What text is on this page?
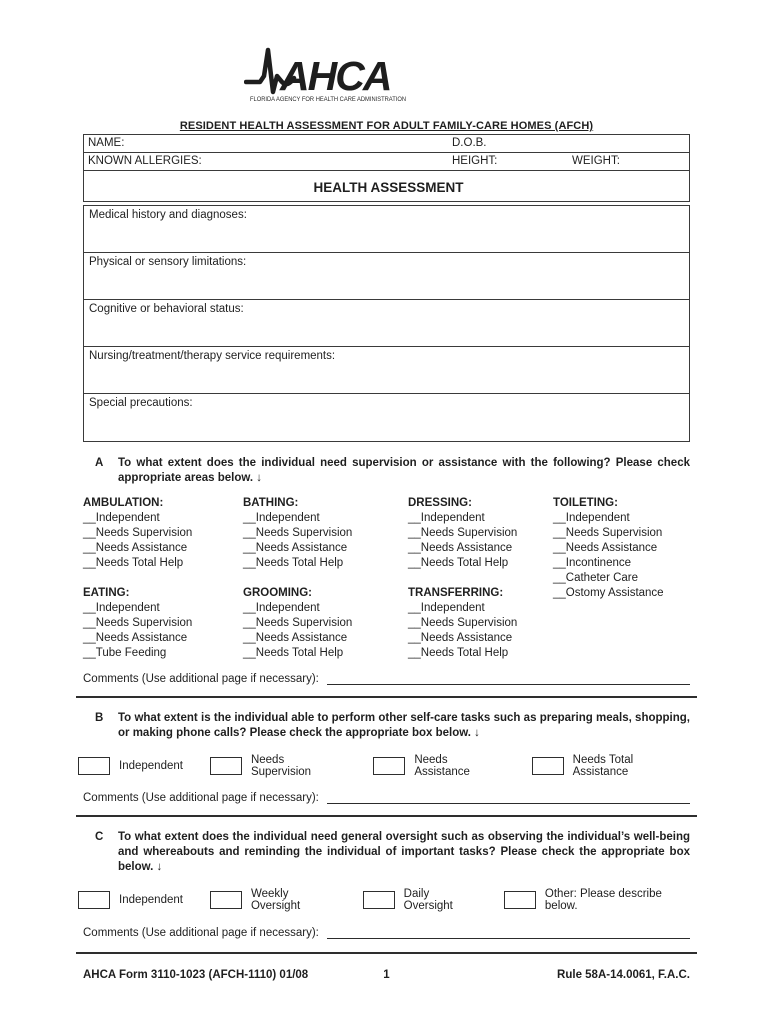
AHCA
FLORIDA AGENCY FOR HEALTH CARE ADMINISTRATION
RESIDENT HEALTH ASSESSMENT FOR ADULT FAMILY-CARE HOMES (AFCH)
NAME:	D.O.B.
KNOWN ALLERGIES:	HEIGHT:	WEIGHT:
HEALTH ASSESSMENT
Medical history and diagnoses:
Physical or sensory limitations:
Cognitive or behavioral status:
Nursing/treatment/therapy service requirements:
Special precautions:
A	To what extent does the individual need supervision or assistance with the following? Please check appropriate areas below. ↓
AMBULATION:
__Independent
__Needs Supervision
__Needs Assistance
__Needs Total Help
EATING:
__Independent
__Needs Supervision
__Needs Assistance
__Tube Feeding
BATHING:
__Independent
__Needs Supervision
__Needs Assistance
__Needs Total Help
GROOMING:
__Independent
__Needs Supervision
__Needs Assistance
__Needs Total Help
DRESSING:
__Independent
__Needs Supervision
__Needs Assistance
__Needs Total Help
TRANSFERRING:
__Independent
__Needs Supervision
__Needs Assistance
__Needs Total Help
TOILETING:
__Independent
__Needs Supervision
__Needs Assistance
__Incontinence
__Catheter Care
__Ostomy Assistance
Comments (Use additional page if necessary):
B	To what extent is the individual able to perform other self-care tasks such as preparing meals, shopping, or making phone calls? Please check the appropriate box below. ↓
Independent	Needs Supervision
Needs Assistance
Needs Total Assistance
Comments (Use additional page if necessary):
C	To what extent does the individual need general oversight such as observing the individual’s well-being and whereabouts and reminding the individual of important tasks? Please check the appropriate box below. ↓
Independent	Weekly Oversight
Daily Oversight
Other: Please describe below.
Comments (Use additional page if necessary):
AHCA Form 3110-1023 (AFCH-1110) 01/08	1	Rule 58A-14.0061, F.A.C.
